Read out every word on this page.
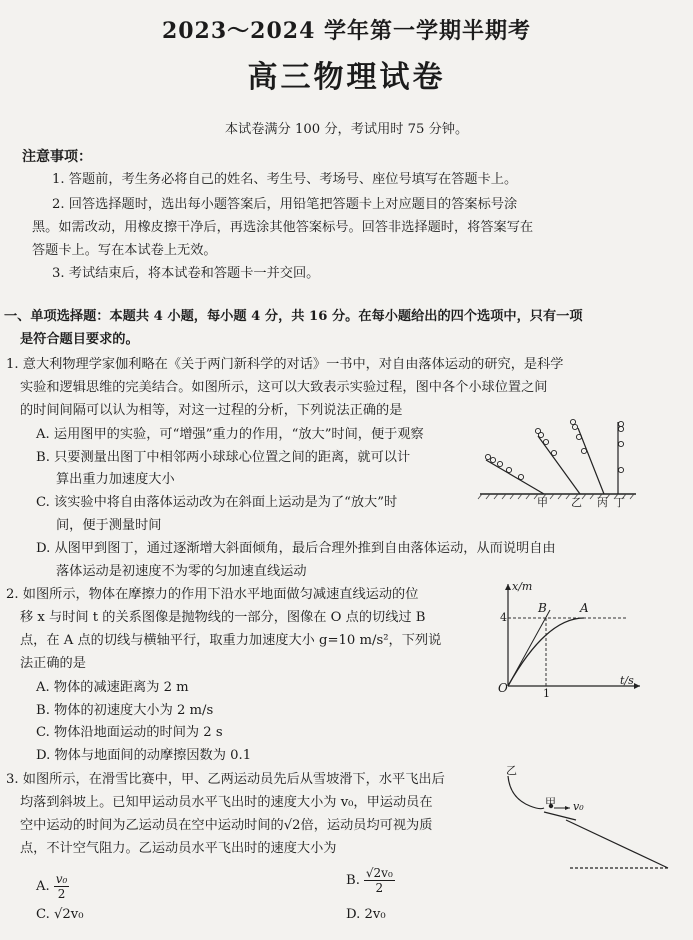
2023～2024 学年第一学期半期考
高三物理试卷
本试卷满分 100 分，考试用时 75 分钟。
注意事项：
1. 答题前，考生务必将自己的姓名、考生号、考场号、座位号填写在答题卡上。
2. 回答选择题时，选出每小题答案后，用铅笔把答题卡上对应题目的答案标号涂
黑。如需改动，用橡皮擦干净后，再选涂其他答案标号。回答非选择题时，将答案写在
答题卡上。写在本试卷上无效。
3. 考试结束后，将本试卷和答题卡一并交回。
一、单项选择题：本题共 4 小题，每小题 4 分，共 16 分。在每小题给出的四个选项中，只有一项
是符合题目要求的。
1. 意大利物理学家伽利略在《关于两门新科学的对话》一书中，对自由落体运动的研究，是科学
实验和逻辑思维的完美结合。如图所示，这可以大致表示实验过程，图中各个小球位置之间
的时间间隔可以认为相等，对这一过程的分析，下列说法正确的是
A. 运用图甲的实验，可“增强”重力的作用，“放大”时间，便于观察
B. 只要测量出图丁中相邻两小球球心位置之间的距离，就可以计
算出重力加速度大小
C. 该实验中将自由落体运动改为在斜面上运动是为了“放大”时
间，便于测量时间
D. 从图甲到图丁，通过逐渐增大斜面倾角，最后合理外推到自由落体运动，从而说明自由
落体运动是初速度不为零的匀加速直线运动
甲 乙 丙 丁
2. 如图所示，物体在摩擦力的作用下沿水平地面做匀减速直线运动的位
移 x 与时间 t 的关系图像是抛物线的一部分，图像在 O 点的切线过 B
点，在 A 点的切线与横轴平行，取重力加速度大小 g=10 m/s²，下列说
法正确的是
A. 物体的减速距离为 2 m
B. 物体的初速度大小为 2 m/s
C. 物体沿地面运动的时间为 2 s
D. 物体与地面间的动摩擦因数为 0.1
x/m
t/s
O
4
1
B	A
3. 如图所示，在滑雪比赛中，甲、乙两运动员先后从雪坡滑下，水平飞出后
均落到斜坡上。已知甲运动员水平飞出时的速度大小为 v₀，甲运动员在
空中运动的时间为乙运动员在空中运动时间的√2倍，运动员均可视为质
点，不计空气阻力。乙运动员水平飞出时的速度大小为
乙
甲 v₀
A. $\frac{\text{v₀}}{2}$	B. $\frac{\text{√2v₀}}{2}$
C. √2v₀	D. 2v₀
